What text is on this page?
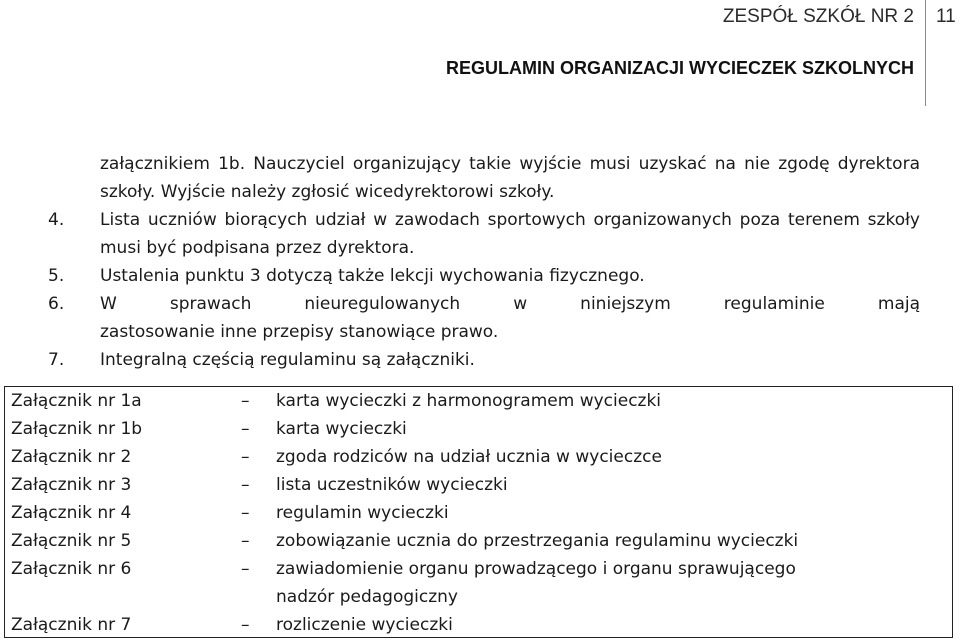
ZESPÓŁ SZKÓŁ NR 2 11
REGULAMIN ORGANIZACJI WYCIECZEK SZKOLNYCH

załącznikiem 1b. Nauczyciel organizujący takie wyjście musi uzyskać na nie zgodę dyrektora szkoły. Wyjście należy zgłosić wicedyrektorowi szkoły.

4.	Lista uczniów biorących udział w zawodach sportowych organizowanych poza terenem szkoły musi być podpisana przez dyrektora.
5.	Ustalenia punktu 3 dotyczą także lekcji wychowania fizycznego.
6.	W sprawach nieuregulowanych w niniejszym regulaminie mają

zastosowanie inne przepisy stanowiące prawo.

7.	Integralną częścią regulaminu są załączniki.
Załącznik nr 1a	– karta wycieczki z harmonogramem wycieczki
Załącznik nr 1b	– karta wycieczki
Załącznik nr 2	– zgoda rodziców na udział ucznia w wycieczce
Załącznik nr 3	– lista uczestników wycieczki
Załącznik nr 4	– regulamin wycieczki
Załącznik nr 5	– zobowiązanie ucznia do przestrzegania regulaminu wycieczki
Załącznik nr 6	– zawiadomienie organu prowadzącego i organu sprawującego
nadzór pedagogiczny
Załącznik nr 7	– rozliczenie wycieczki
